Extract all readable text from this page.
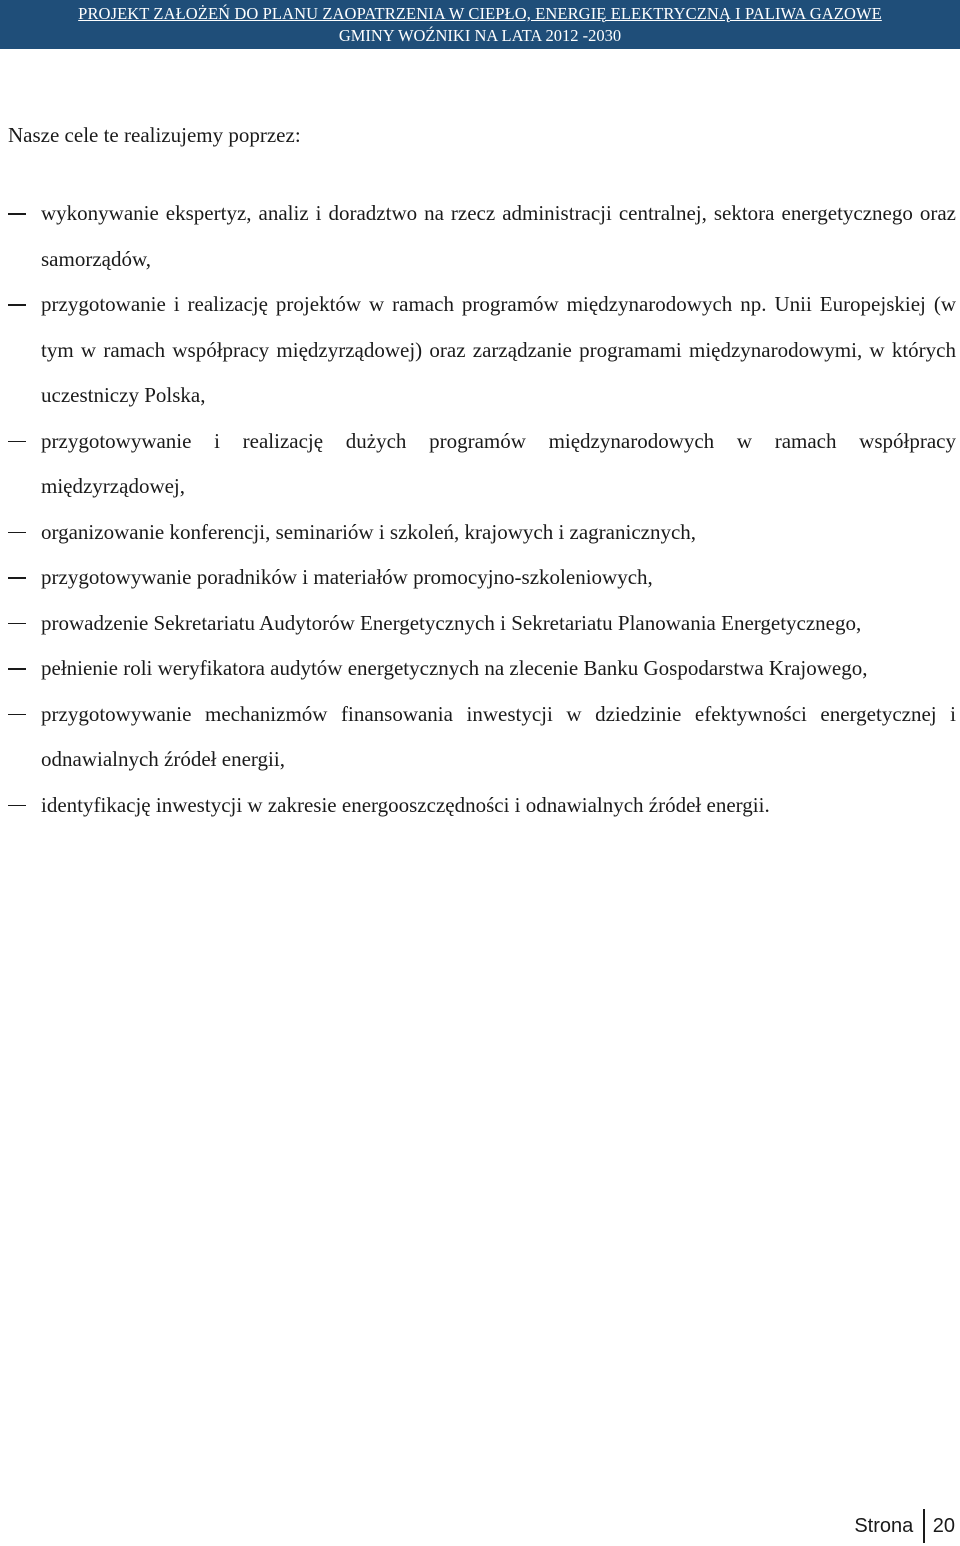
PROJEKT ZAŁOŻEŃ DO PLANU ZAOPATRZENIA W CIEPŁO, ENERGIĘ ELEKTRYCZNĄ I PALIWA GAZOWE
GMINY WOŹNIKI NA LATA 2012 -2030
Nasze cele te realizujemy poprzez:
wykonywanie ekspertyz, analiz i doradztwo na rzecz administracji centralnej, sektora energetycznego oraz samorządów,
przygotowanie i realizację projektów w ramach programów międzynarodowych np. Unii Europejskiej (w tym w ramach współpracy międzyrządowej) oraz zarządzanie programami międzynarodowymi, w których uczestniczy Polska,
przygotowywanie i realizację dużych programów międzynarodowych w ramach współpracy międzyrządowej,
organizowanie konferencji, seminariów i szkoleń, krajowych i zagranicznych,
przygotowywanie poradników i materiałów promocyjno-szkoleniowych,
prowadzenie Sekretariatu Audytorów Energetycznych i Sekretariatu Planowania Energetycznego,
pełnienie roli weryfikatora audytów energetycznych na zlecenie Banku Gospodarstwa Krajowego,
przygotowywanie mechanizmów finansowania inwestycji w dziedzinie efektywności energetycznej i odnawialnych źródeł energii,
identyfikację inwestycji w zakresie energooszczędności i odnawialnych źródeł energii.
Strona 20
